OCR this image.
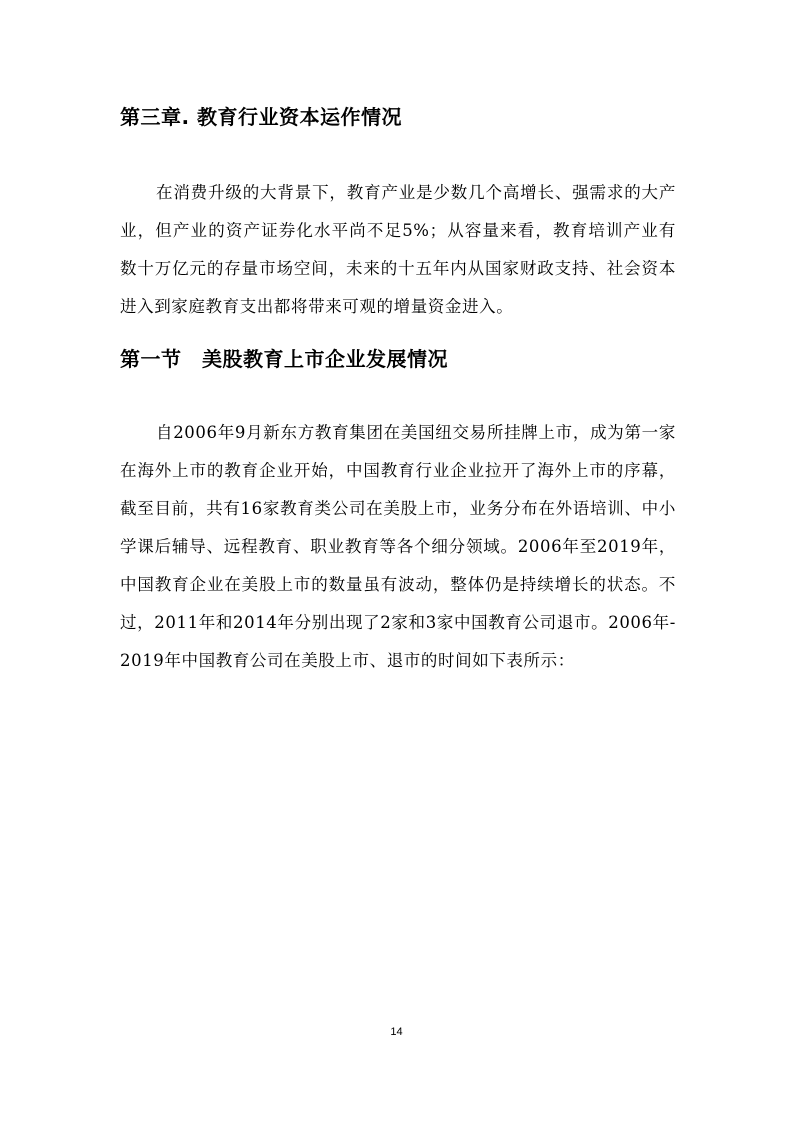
第三章. 教育行业资本运作情况

在消费升级的大背景下，教育产业是少数几个高增长、强需求的大产业，但产业的资产证券化水平尚不足5%；从容量来看，教育培训产业有数十万亿元的存量市场空间，未来的十五年内从国家财政支持、社会资本进入到家庭教育支出都将带来可观的增量资金进入。

第一节　美股教育上市企业发展情况

自2006年9月新东方教育集团在美国纽交易所挂牌上市，成为第一家在海外上市的教育企业开始，中国教育行业企业拉开了海外上市的序幕，截至目前，共有16家教育类公司在美股上市，业务分布在外语培训、中小学课后辅导、远程教育、职业教育等各个细分领域。2006年至2019年，中国教育企业在美股上市的数量虽有波动，整体仍是持续增长的状态。不过，2011年和2014年分别出现了2家和3家中国教育公司退市。2006年-2019年中国教育公司在美股上市、退市的时间如下表所示：

14
